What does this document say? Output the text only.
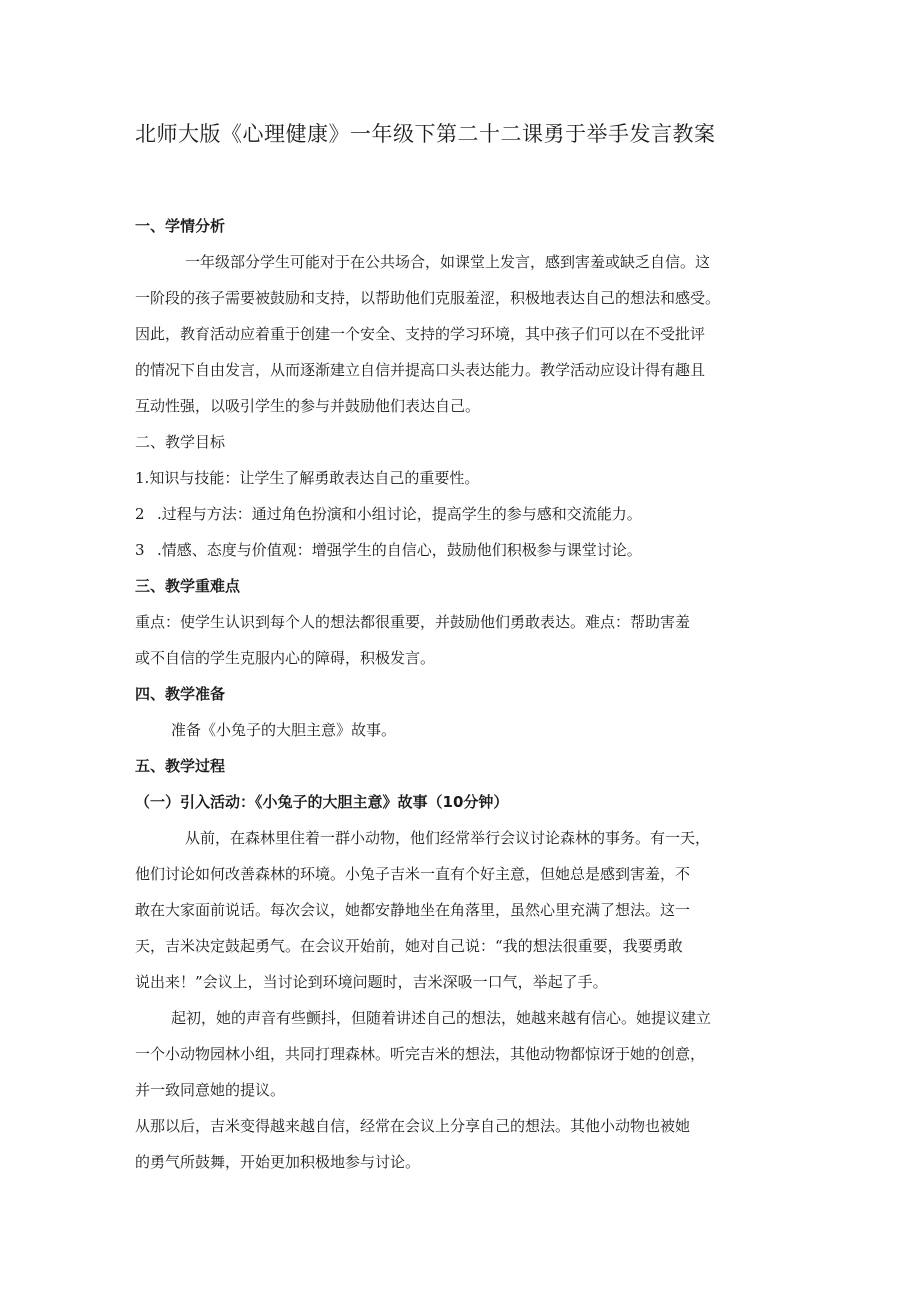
北师大版《心理健康》一年级下第二十二课勇于举手发言教案
一、学情分析
一年级部分学生可能对于在公共场合，如课堂上发言，感到害羞或缺乏自信。这
一阶段的孩子需要被鼓励和支持，以帮助他们克服羞涩，积极地表达自己的想法和感受。
因此，教育活动应着重于创建一个安全、支持的学习环境，其中孩子们可以在不受批评
的情况下自由发言，从而逐渐建立自信并提高口头表达能力。教学活动应设计得有趣且
互动性强，以吸引学生的参与并鼓励他们表达自己。
二、教学目标
1.知识与技能：让学生了解勇敢表达自己的重要性。
2 .过程与方法：通过角色扮演和小组讨论，提高学生的参与感和交流能力。
3 .情感、态度与价值观：增强学生的自信心，鼓励他们积极参与课堂讨论。
三、教学重难点
重点：使学生认识到每个人的想法都很重要，并鼓励他们勇敢表达。难点：帮助害羞
或不自信的学生克服内心的障碍，积极发言。
四、教学准备
准备《小兔子的大胆主意》故事。
五、教学过程
（一）引入活动：《小兔子的大胆主意》故事（10分钟）
从前，在森林里住着一群小动物，他们经常举行会议讨论森林的事务。有一天，
他们讨论如何改善森林的环境。小兔子吉米一直有个好主意，但她总是感到害羞，不
敢在大家面前说话。每次会议，她都安静地坐在角落里，虽然心里充满了想法。这一
天，吉米决定鼓起勇气。在会议开始前，她对自己说：“我的想法很重要，我要勇敢
说出来！”会议上，当讨论到环境问题时，吉米深吸一口气，举起了手。
起初，她的声音有些颤抖，但随着讲述自己的想法，她越来越有信心。她提议建立
一个小动物园林小组，共同打理森林。听完吉米的想法，其他动物都惊讶于她的创意，
并一致同意她的提议。
从那以后，吉米变得越来越自信，经常在会议上分享自己的想法。其他小动物也被她
的勇气所鼓舞，开始更加积极地参与讨论。
